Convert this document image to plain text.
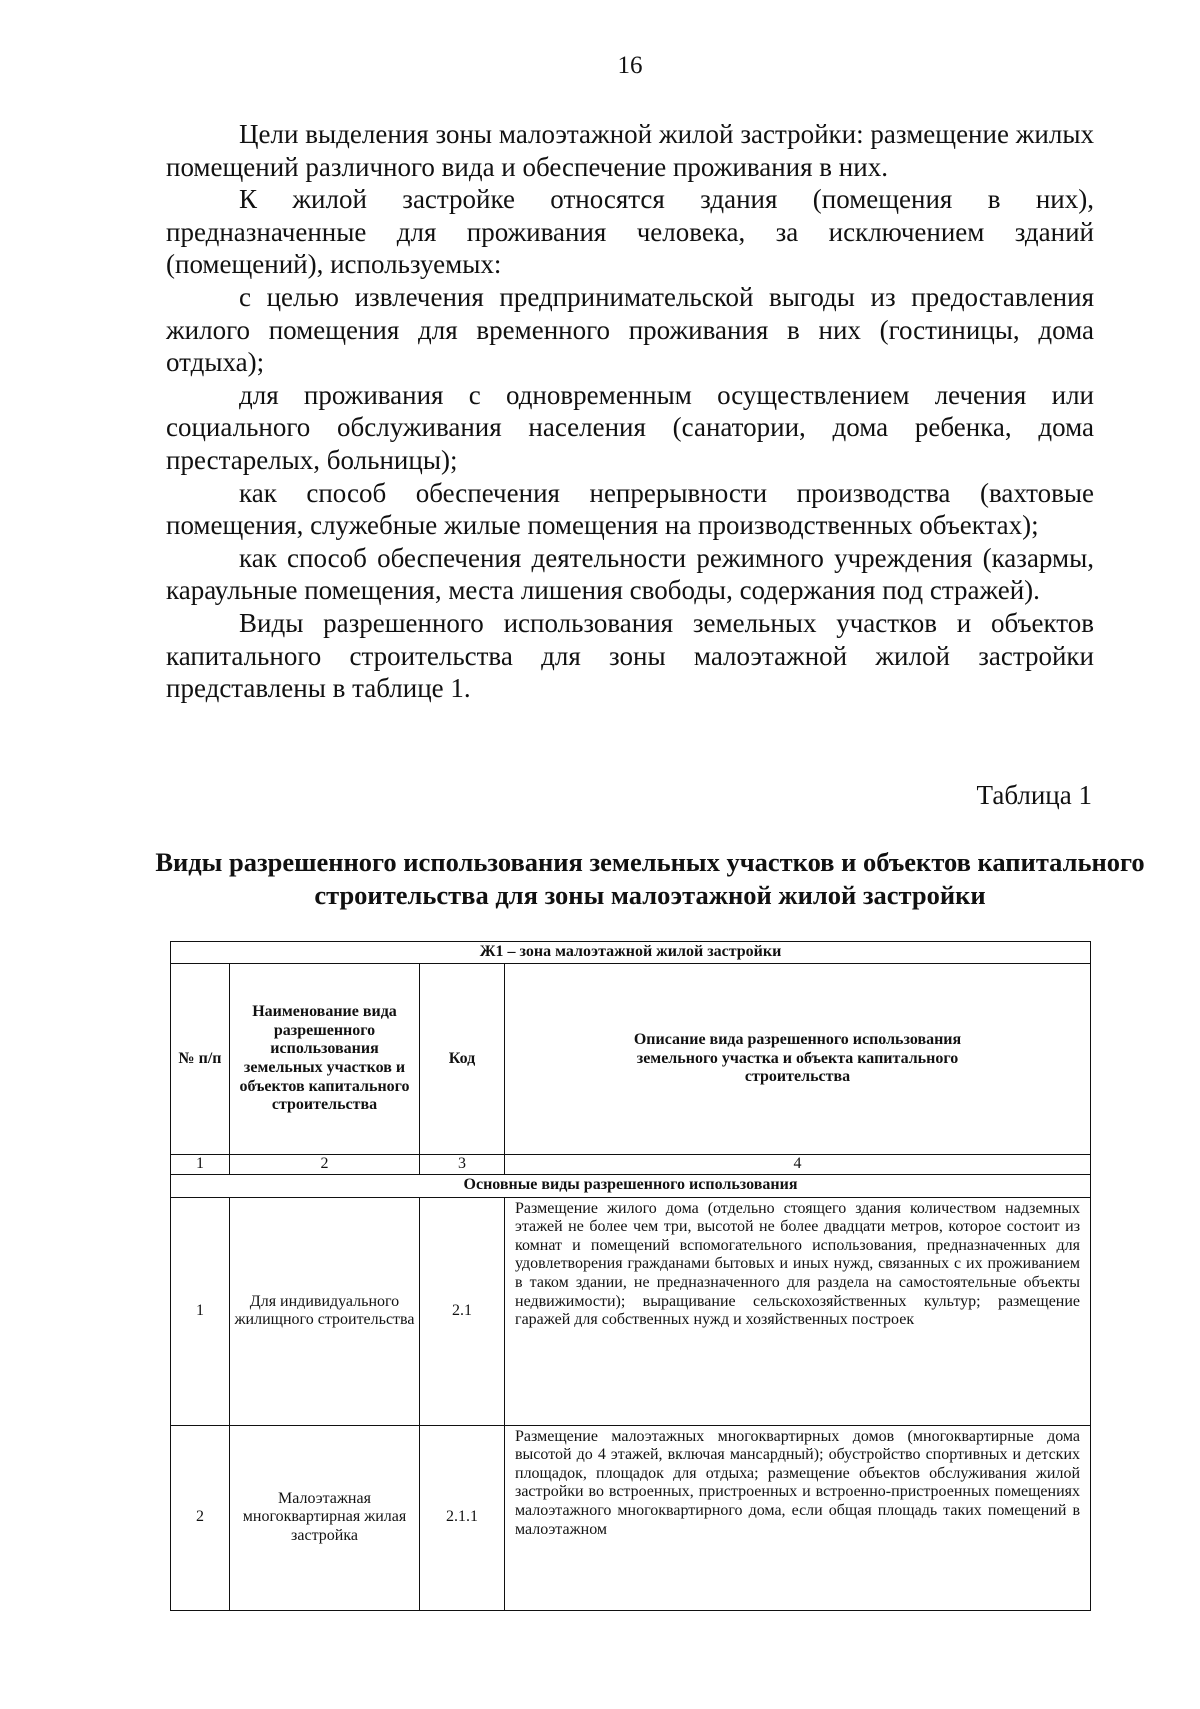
16

Цели выделения зоны малоэтажной жилой застройки: размещение жилых помещений различного вида и обеспечение проживания в них.

К жилой застройке относятся здания (помещения в них), предназначенные для проживания человека, за исключением зданий (помещений), используемых:

с целью извлечения предпринимательской выгоды из предоставления жилого помещения для временного проживания в них (гостиницы, дома отдыха);

для проживания с одновременным осуществлением лечения или социального обслуживания населения (санатории, дома ребенка, дома престарелых, больницы);

как способ обеспечения непрерывности производства (вахтовые помещения, служебные жилые помещения на производственных объектах);

как способ обеспечения деятельности режимного учреждения (казармы, караульные помещения, места лишения свободы, содержания под стражей).

Виды разрешенного использования земельных участков и объектов капитального строительства для зоны малоэтажной жилой застройки представлены в таблице 1.

Таблица 1
Виды разрешенного использования земельных участков и объектов капитального строительства для зоны малоэтажной жилой застройки
Ж1 – зона малоэтажной жилой застройки			
№ п/п	Наименование вида разрешенного использования земельных участков и объектов капитального строительства	Код	Описание вида разрешенного использования земельного участка и объекта капитального строительства
1	2	3	4
Основные виды разрешенного использования			
1	Для индивидуального жилищного строительства	2.1	Размещение жилого дома (отдельно стоящего здания количеством надземных этажей не более чем три, высотой не более двадцати метров, которое состоит из комнат и помещений вспомогательного использования, предназначенных для удовлетворения гражданами бытовых и иных нужд, связанных с их проживанием в таком здании, не предназначенного для раздела на самостоятельные объекты недвижимости); выращивание сельскохозяйственных культур; размещение гаражей для собственных нужд и хозяйственных построек
2	Малоэтажная многоквартирная жилая застройка	2.1.1	Размещение малоэтажных многоквартирных домов (многоквартирные дома высотой до 4 этажей, включая мансардный); обустройство спортивных и детских площадок, площадок для отдыха; размещение объектов обслуживания жилой застройки во встроенных, пристроенных и встроенно-пристроенных помещениях малоэтажного многоквартирного дома, если общая площадь таких помещений в малоэтажном
